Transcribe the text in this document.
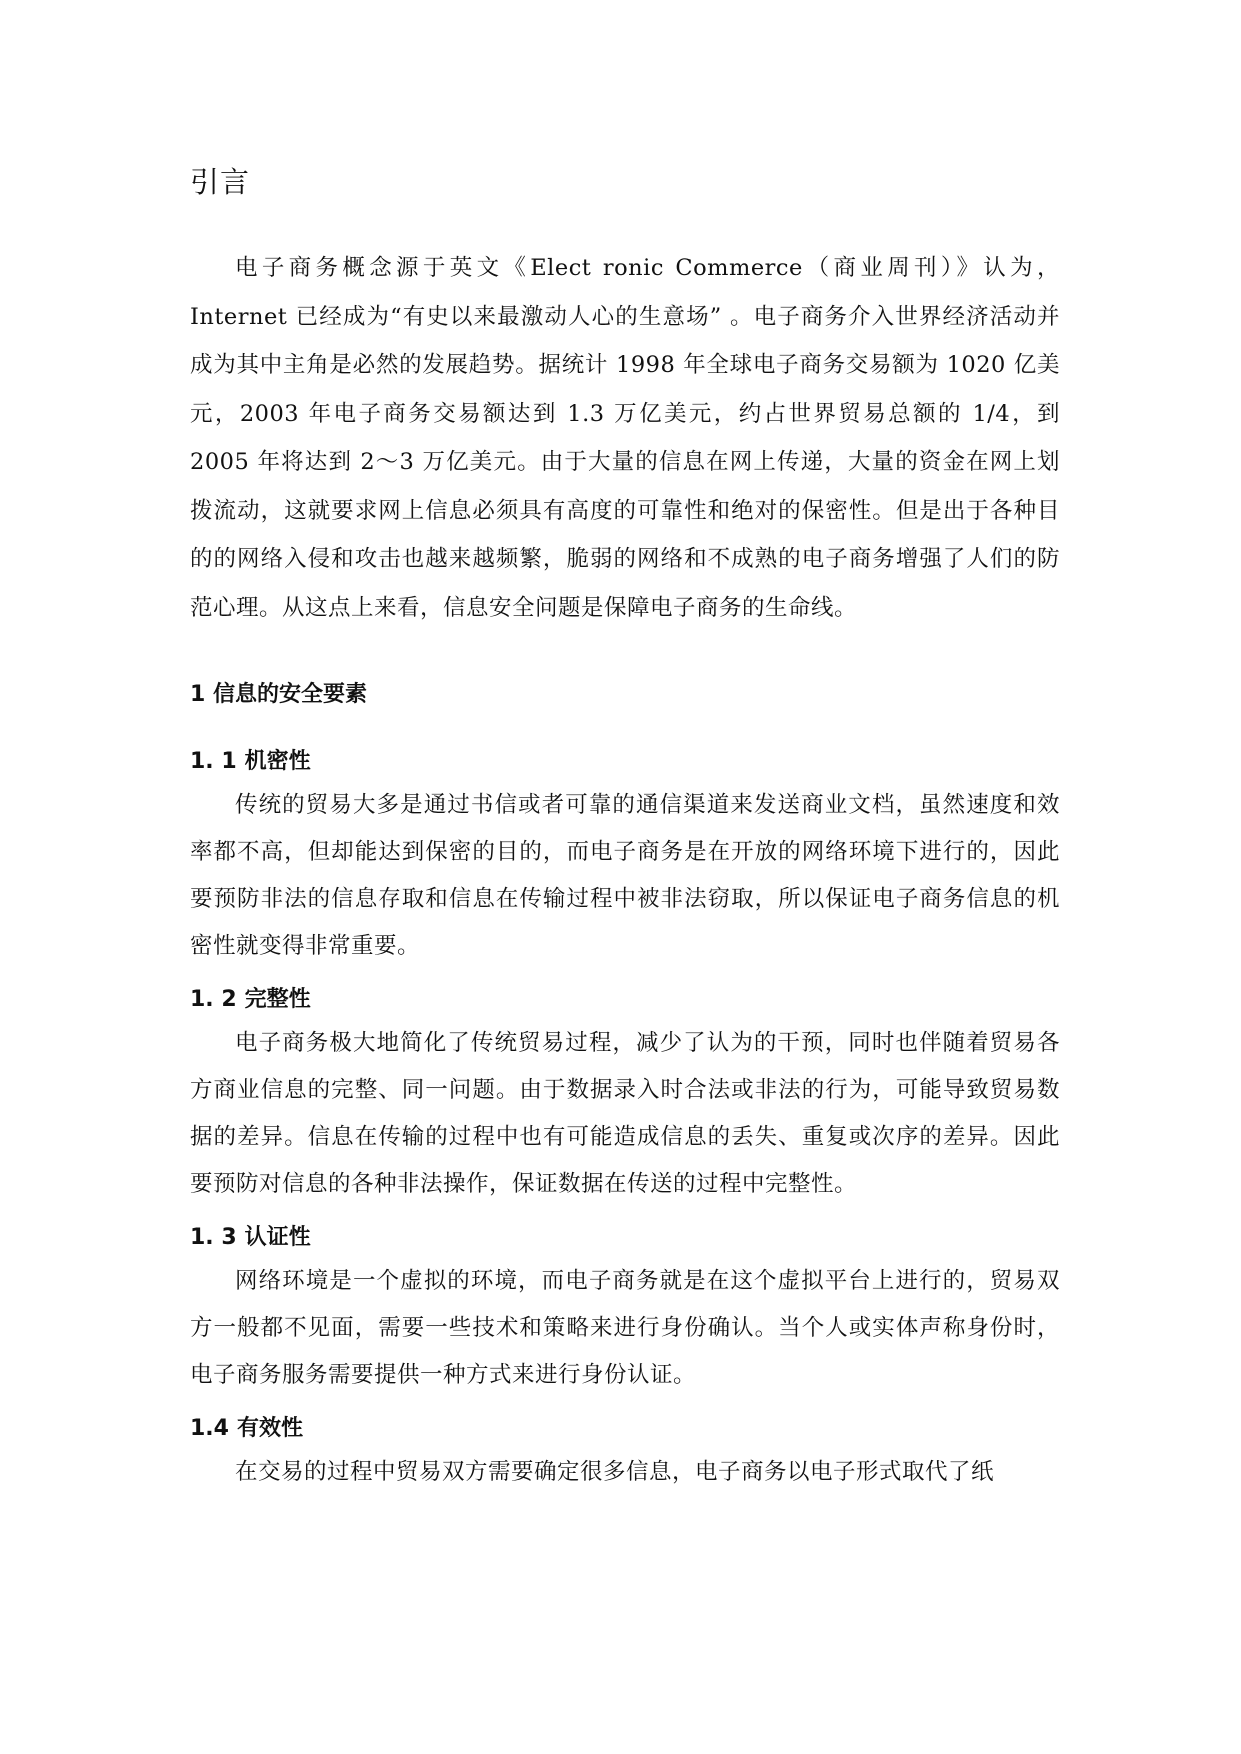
引言

电子商务概念源于英文《Elect ronic Commerce（商业周刊）》认为，Internet 已经成为“有史以来最激动人心的生意场” 。电子商务介入世界经济活动并成为其中主角是必然的发展趋势。据统计 1998 年全球电子商务交易额为 1020 亿美元，2003 年电子商务交易额达到 1.3 万亿美元，约占世界贸易总额的 1/4，到 2005 年将达到 2～3 万亿美元。由于大量的信息在网上传递，大量的资金在网上划拨流动，这就要求网上信息必须具有高度的可靠性和绝对的保密性。但是出于各种目的的网络入侵和攻击也越来越频繁，脆弱的网络和不成熟的电子商务增强了人们的防范心理。从这点上来看，信息安全问题是保障电子商务的生命线。

1 信息的安全要素
1. 1 机密性

传统的贸易大多是通过书信或者可靠的通信渠道来发送商业文档，虽然速度和效率都不高，但却能达到保密的目的，而电子商务是在开放的网络环境下进行的，因此要预防非法的信息存取和信息在传输过程中被非法窃取，所以保证电子商务信息的机密性就变得非常重要。

1. 2 完整性

电子商务极大地简化了传统贸易过程，减少了认为的干预，同时也伴随着贸易各方商业信息的完整、同一问题。由于数据录入时合法或非法的行为，可能导致贸易数据的差异。信息在传输的过程中也有可能造成信息的丢失、重复或次序的差异。因此要预防对信息的各种非法操作，保证数据在传送的过程中完整性。

1. 3 认证性

网络环境是一个虚拟的环境，而电子商务就是在这个虚拟平台上进行的，贸易双方一般都不见面，需要一些技术和策略来进行身份确认。当个人或实体声称身份时，电子商务服务需要提供一种方式来进行身份认证。

1.4 有效性

在交易的过程中贸易双方需要确定很多信息，电子商务以电子形式取代了纸
